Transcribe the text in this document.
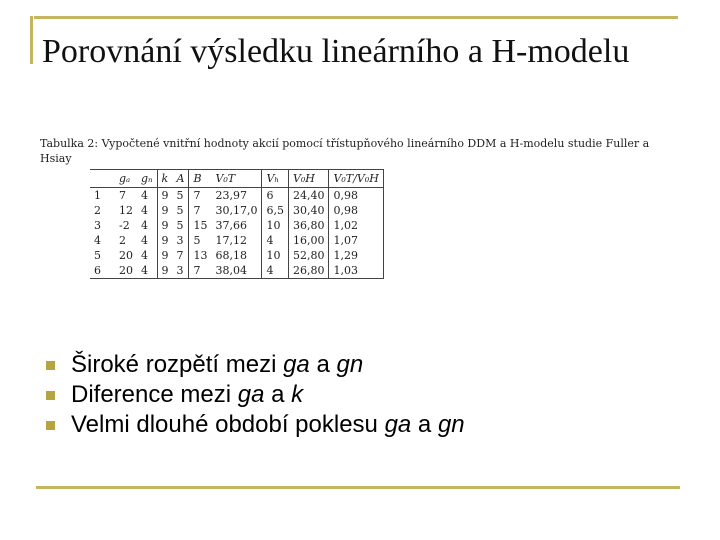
Porovnání výsledku lineárního a H-modelu
Tabulka 2: Vypočtené vnitřní hodnoty akcií pomocí třístupňového lineárního DDM a H-modelu studie Fuller a Hsiay
	gₐ	gₙ	k	A	B	V₀T	Vₕ	V₀H	V₀T/V₀H
1	7	4	9	5	7	23,97	6	24,40	0,98
2	12	4	9	5	7	30,17,0	6,5	30,40	0,98
3	-2	4	9	5	15	37,66	10	36,80	1,02
4	2	4	9	3	5	17,12	4	16,00	1,07
5	20	4	9	7	13	68,18	10	52,80	1,29
6	20	4	9	3	7	38,04	4	26,80	1,03
Široké rozpětí mezi ga a gn
Diference mezi ga a k
Velmi dlouhé období poklesu ga a gn
